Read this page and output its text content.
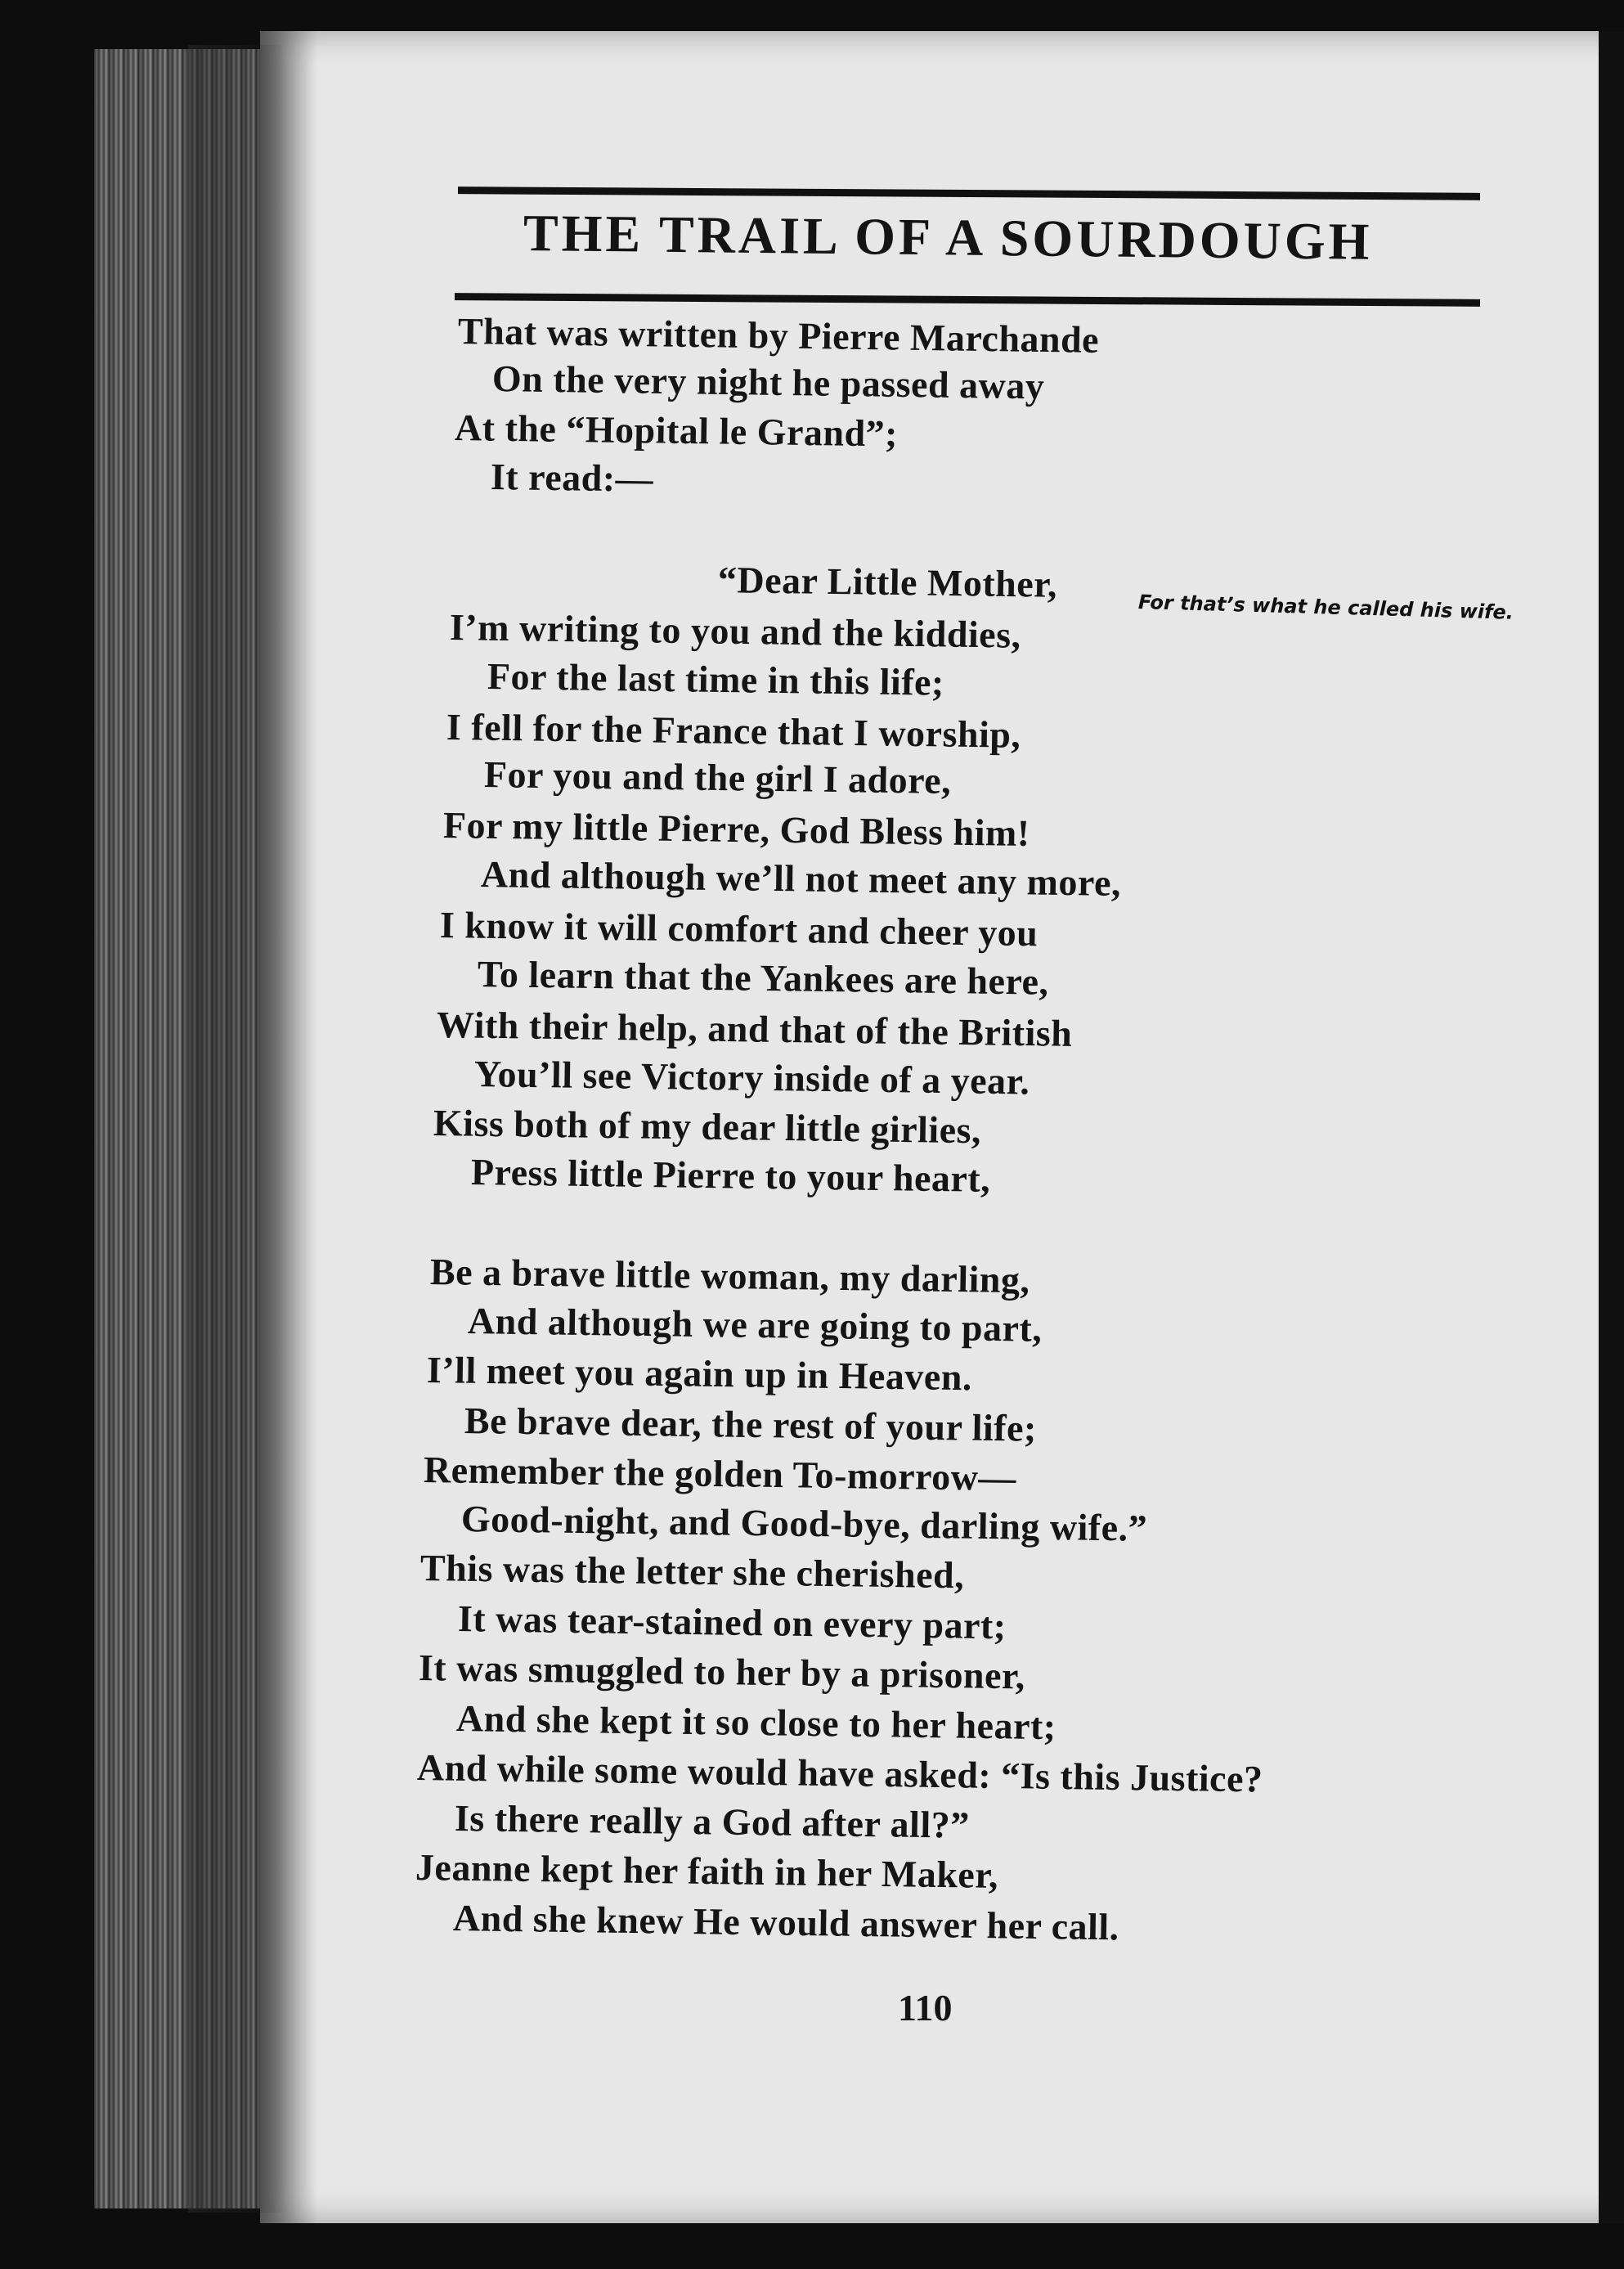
THE TRAIL OF A SOURDOUGH
That was written by Pierre Marchande
On the very night he passed away
At the “Hopital le Grand”;
It read:—
“Dear Little Mother,
I’m writing to you and the kiddies,
For the last time in this life;
I fell for the France that I worship,
For you and the girl I adore,
For my little Pierre, God Bless him!
And although we’ll not meet any more,
I know it will comfort and cheer you
To learn that the Yankees are here,
With their help, and that of the British
You’ll see Victory inside of a year.
Kiss both of my dear little girlies,
Press little Pierre to your heart,
Be a brave little woman, my darling,
And although we are going to part,
I’ll meet you again up in Heaven.
Be brave dear, the rest of your life;
Remember the golden To-morrow—
Good-night, and Good-bye, darling wife.”
This was the letter she cherished,
It was tear-stained on every part;
It was smuggled to her by a prisoner,
And she kept it so close to her heart;
And while some would have asked: “Is this Justice?
Is there really a God after all?”
Jeanne kept her faith in her Maker,
And she knew He would answer her call.
For that’s what he called his wife.
110
